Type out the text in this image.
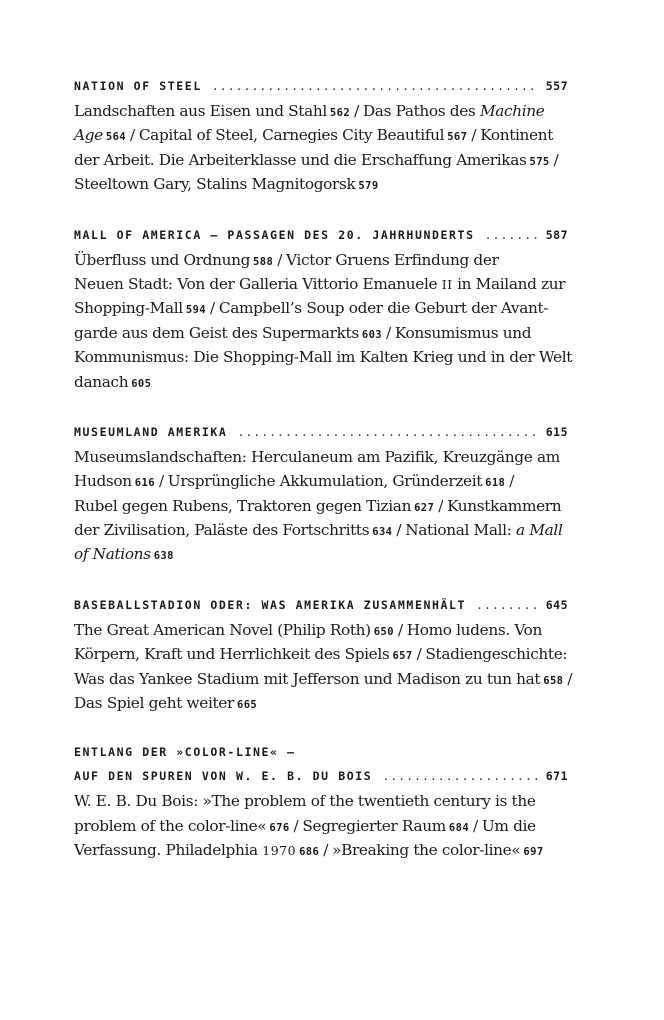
NATION OF STEEL .....	557
Landschaften aus Eisen und Stahl 562 / Das Pathos des Machine
Age 564 / Capital of Steel, Carnegies City Beautiful 567 / Kontinent
der Arbeit. Die Arbeiterklasse und die Erschaffung Amerikas 575 /
Steeltown Gary, Stalins Magnitogorsk 579
MALL OF AMERICA – PASSAGEN DES 20. JAHRHUNDERTS .....	587
Überfluss und Ordnung 588 / Victor Gruens Erfindung der
Neuen Stadt: Von der Galleria Vittorio Emanuele II in Mailand zur
Shopping-Mall 594 / Campbell’s Soup oder die Geburt der Avant-
garde aus dem Geist des Supermarkts 603 / Konsumismus und
Kommunismus: Die Shopping-Mall im Kalten Krieg und in der Welt
danach 605
MUSEUMLAND AMERIKA .....	615
Museumslandschaften: Herculaneum am Pazifik, Kreuzgänge am
Hudson 616 / Ursprüngliche Akkumulation, Gründerzeit 618 /
Rubel gegen Rubens, Traktoren gegen Tizian 627 / Kunstkammern
der Zivilisation, Paläste des Fortschritts 634 / National Mall: a Mall
of Nations 638
BASEBALLSTADION ODER: WAS AMERIKA ZUSAMMENHÄLT .....	645
The Great American Novel (Philip Roth) 650 / Homo ludens. Von
Körpern, Kraft und Herrlichkeit des Spiels 657 / Stadiengeschichte:
Was das Yankee Stadium mit Jefferson und Madison zu tun hat 658 /
Das Spiel geht weiter 665
ENTLANG DER »COLOR-LINE« –
AUF DEN SPUREN VON W. E. B. DU BOIS .....	671
W. E. B. Du Bois: »The problem of the twentieth century is the
problem of the color-line« 676 / Segregierter Raum 684 / Um die
Verfassung. Philadelphia 1970 686 / »Breaking the color-line« 697
